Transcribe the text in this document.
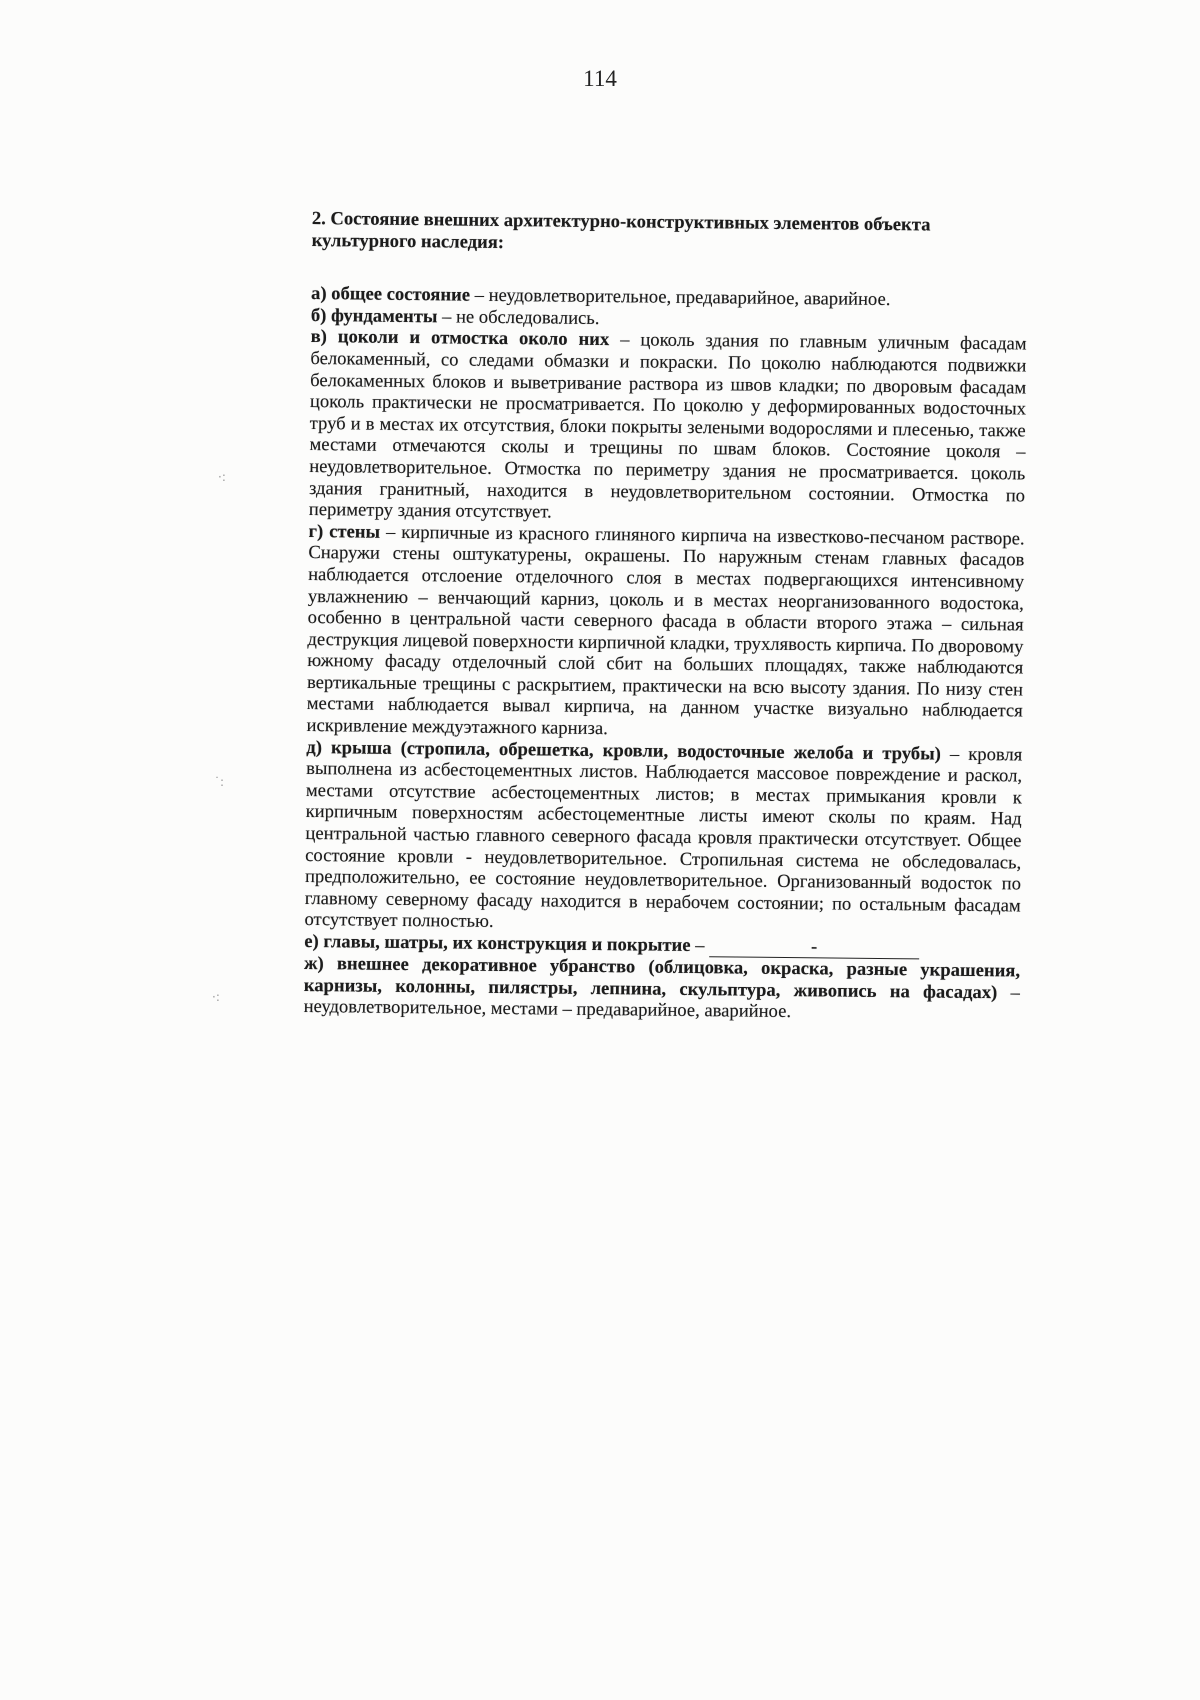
114

2. Состояние внешних архитектурно-конструктивных элементов объекта культурного наследия:

а) общее состояние – неудовлетворительное, предаварийное, аварийное.

б) фундаменты – не обследовались.

в) цоколи и отмостка около них – цоколь здания по главным уличным фасадам белокаменный, со следами обмазки и покраски. По цоколю наблюдаются подвижки белокаменных блоков и выветривание раствора из швов кладки; по дворовым фасадам цоколь практически не просматривается. По цоколю у деформированных водосточных труб и в местах их отсутствия, блоки покрыты зелеными водорослями и плесенью, также местами отмечаются сколы и трещины по швам блоков. Состояние цоколя – неудовлетворительное. Отмостка по периметру здания не просматривается. цоколь здания гранитный, находится в неудовлетворительном состоянии. Отмостка по периметру здания отсутствует.

г) стены – кирпичные из красного глиняного кирпича на известково-песчаном растворе. Снаружи стены оштукатурены, окрашены. По наружным стенам главных фасадов наблюдается отслоение отделочного слоя в местах подвергающихся интенсивному увлажнению – венчающий карниз, цоколь и в местах неорганизованного водостока, особенно в центральной части северного фасада в области второго этажа – сильная деструкция лицевой поверхности кирпичной кладки, трухлявость кирпича. По дворовому южному фасаду отделочный слой сбит на больших площадях, также наблюдаются вертикальные трещины с раскрытием, практически на всю высоту здания. По низу стен местами наблюдается вывал кирпича, на данном участке визуально наблюдается искривление междуэтажного карниза.

д) крыша (стропила, обрешетка, кровли, водосточные желоба и трубы) – кровля выполнена из асбестоцементных листов. Наблюдается массовое повреждение и раскол, местами отсутствие асбестоцементных листов; в местах примыкания кровли к кирпичным поверхностям асбестоцементные листы имеют сколы по краям. Над центральной частью главного северного фасада кровля практически отсутствует. Общее состояние кровли - неудовлетворительное. Стропильная система не обследовалась, предположительно, ее состояние неудовлетворительное. Организованный водосток по главному северному фасаду находится в нерабочем состоянии; по остальным фасадам отсутствует полностью.

е) главы, шатры, их конструкция и покрытие –	-

ж) внешнее декоративное убранство (облицовка, окраска, разные украшения, карнизы, колонны, пилястры, лепнина, скульптура, живопись на фасадах) – неудовлетворительное, местами – предаварийное, аварийное.

·:
˙:
·:
